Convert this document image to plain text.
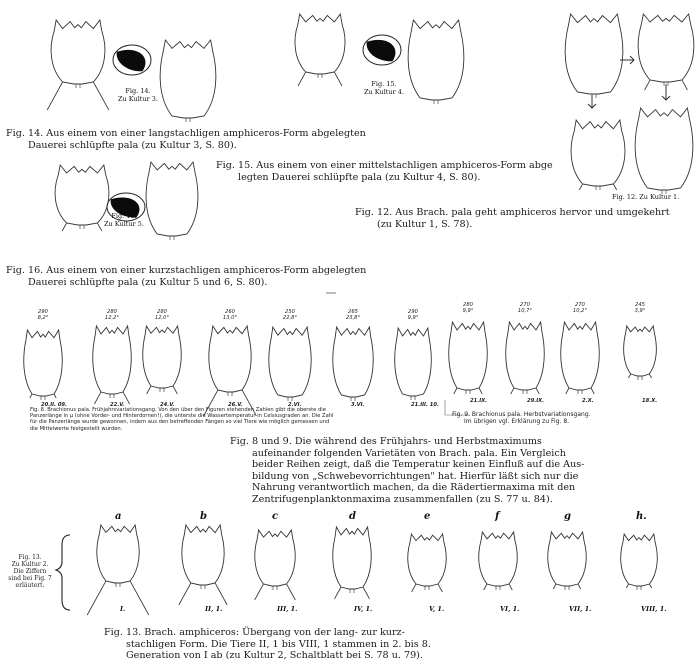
Fig. 14.
Zu Kultur 3.
Fig. 15.
Zu Kultur 4.
Fig. 16.
Zu Kultur 5.
Fig. 12. Zu Kultur 1.
Fig. 14. Aus einem von einer langstachligen amphiceros-Form abgelegten
Dauerei schlüpfte pala (zu Kultur 3, S. 80).
Fig. 15. Aus einem von einer mittelstachligen amphiceros-Form abge
legten Dauerei schlüpfte pala (zu Kultur 4, S. 80).
Fig. 12. Aus Brach. pala geht amphiceros hervor und umgekehrt
(zu Kultur 1, S. 78).
Fig. 16. Aus einem von einer kurzstachligen amphiceros-Form abgelegten
Dauerei schlüpfte pala (zu Kultur 5 und 6, S. 80).
290
8,2°
20.II. 09.
280
12,2°
22.V.
280
12,0°
24.V.
260
13,0°
26.V.
250
22,8°
2.VI.
265
23,8°
3.VI.
290
9,9°
21.III. 10.
280
9,9°
21.IX.
270
10,7°
29.IX.
270
10,2°
2.X.
245
3,9°
18.X.
Fig. 8. Brachionus pala. Frühjahrsvariationsgang. Von den über den Figuren stehenden Zahlen gibt die oberste die
Panzerlänge in μ (ohne Vorder- und Hinterdornen!), die unterste die Wassertemperatur in Celsiusgraden an. Die Zahl
für die Panzerlänge wurde gewonnen, indem aus den betreffenden Fängen so viel Tiere wie möglich gemessen und
die Mittelwerte festgestellt wurden.
Fig. 9. Brachionus pala. Herbstvariationsgang.
Im übrigen vgl. Erklärung zu Fig. 8.
Fig. 8 und 9. Die während des Frühjahrs- und Herbstmaximums
aufeinander folgenden Varietäten von Brach. pala. Ein Vergleich
beider Reihen zeigt, daß die Temperatur keinen Einfluß auf die Aus-
bildung von „Schwebevorrichtungen" hat. Hierfür läßt sich nur die
Nahrung verantwortlich machen, da die Rädertiermaxima mit den
Zentrifugenplanktonmaxima zusammenfallen (zu S. 77 u. 84).
Fig. 13.
Zu Kultur 2.
Die Ziffern
sind bei Fig. 7
erläutert.
a
I.
b
II, 1.
c
III, 1.
d
IV, 1.
e
V, 1.
f
VI, 1.
g
VII, 1.
h.
VIII, 1.
Fig. 13. Brach. amphiceros: Übergang von der lang- zur kurz-
stachligen Form. Die Tiere II, 1 bis VIII, 1 stammen in 2. bis 8.
Generation von I ab (zu Kultur 2, Schaltblatt bei S. 78 u. 79).
